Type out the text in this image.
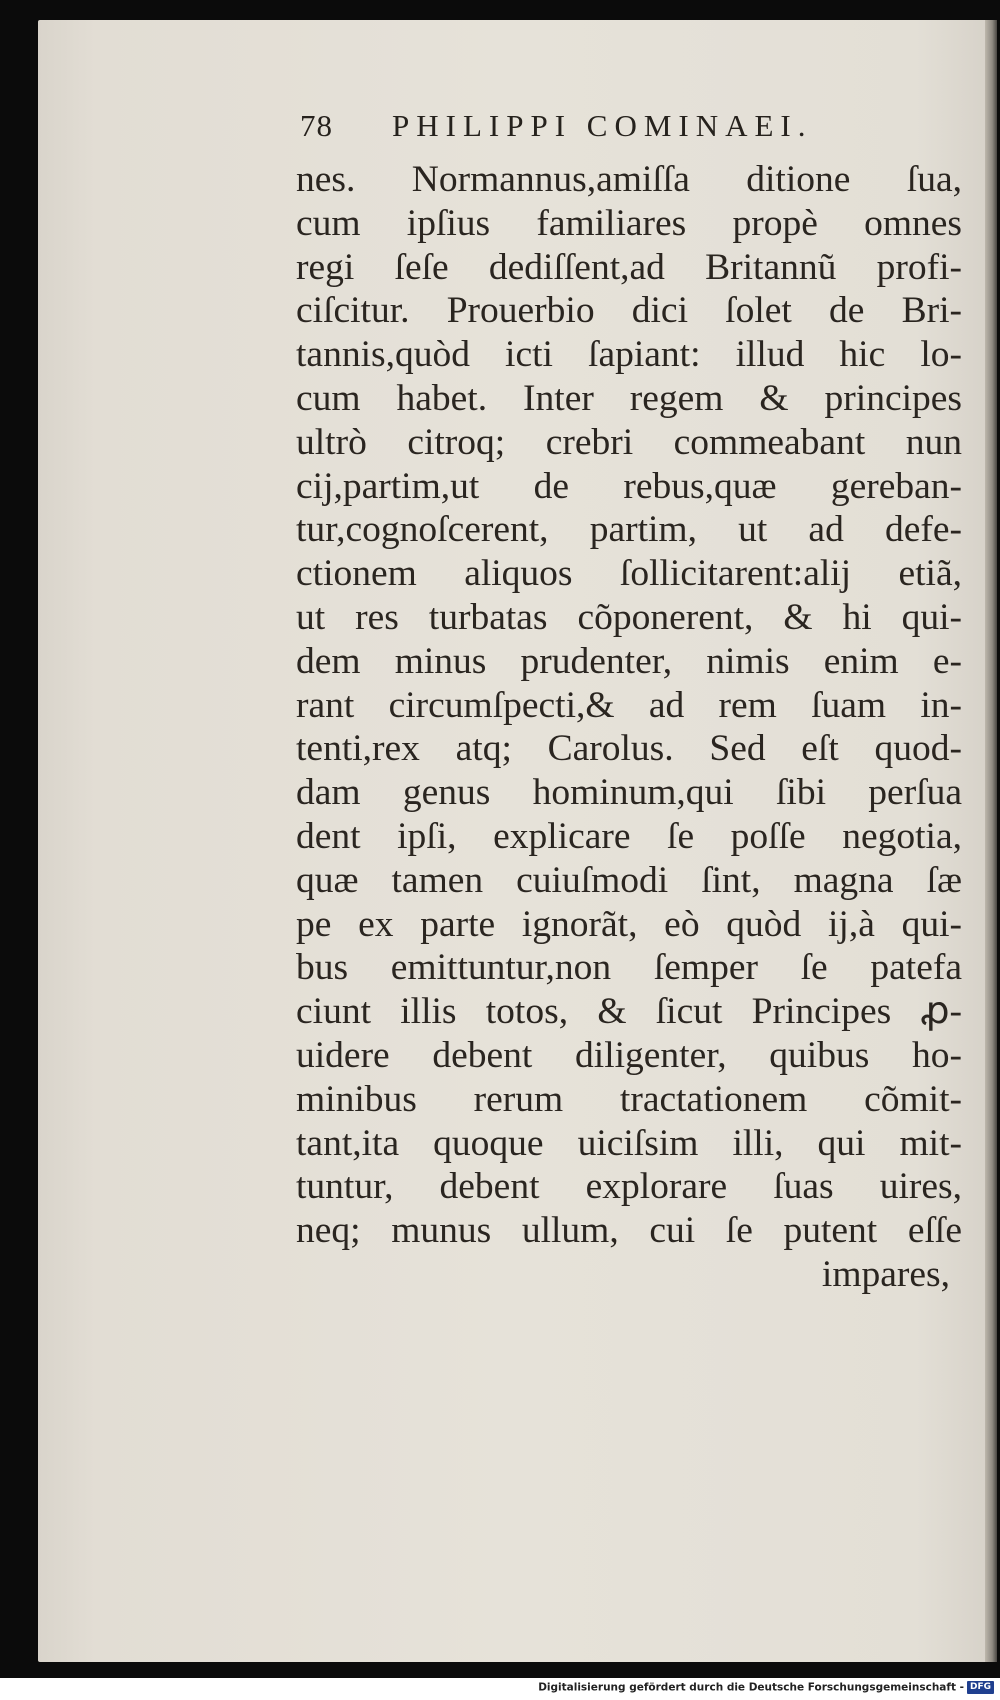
78 PHILIPPI COMINAEI.
nes. Normannus,amiſſa ditione ſua,
cum ipſius familiares propè omnes
regi ſeſe dediſſent,ad Britannũ profi-
ciſcitur. Prouerbio dici ſolet de Bri-
tannis,quòd icti ſapiant: illud hic lo-
cum habet. Inter regem & principes
ultrò citroq; crebri commeabant nun
cij,partim,ut de rebus,quæ gereban-
tur,cognoſcerent, partim, ut ad defe-
ctionem aliquos ſollicitarent:alij etiã,
ut res turbatas cõponerent, & hi qui-
dem minus prudenter, nimis enim e-
rant circumſpecti,& ad rem ſuam in-
tenti,rex atq; Carolus. Sed eſt quod-
dam genus hominum,qui ſibi perſua
dent ipſi, explicare ſe poſſe negotia,
quæ tamen cuiuſmodi ſint, magna ſæ
pe ex parte ignorãt, eò quòd ij,à qui-
bus emittuntur,non ſemper ſe patefa
ciunt illis totos, & ſicut Principes ꝓ-
uidere debent diligenter, quibus ho-
minibus rerum tractationem cõmit-
tant,ita quoque uiciſsim illi, qui mit-
tuntur, debent explorare ſuas uires,
neq; munus ullum, cui ſe putent eſſe
impares,
Digitalisierung gefördert durch die Deutsche Forschungsgemeinschaft - DFG
